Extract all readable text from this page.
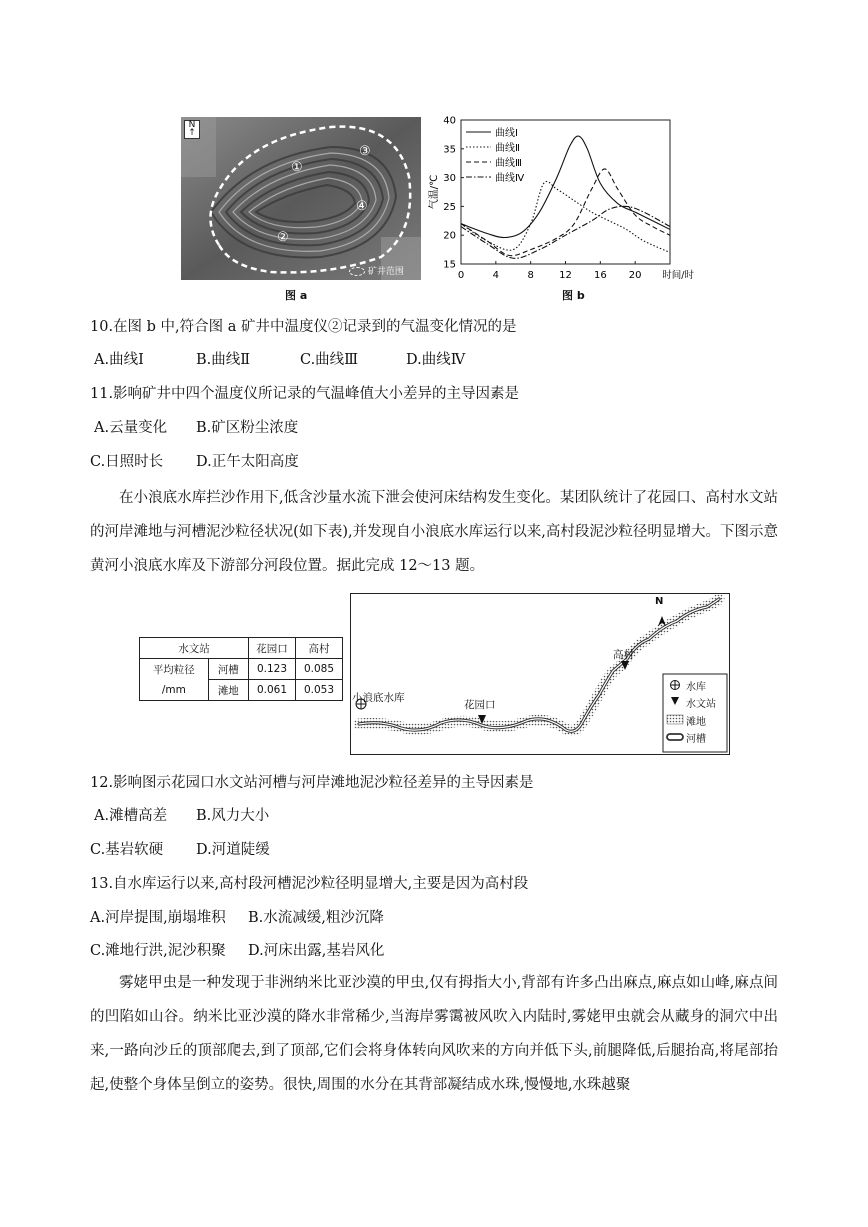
N
↑
①
②
③
④
矿井范围
图 a
15
20
25
30
35
40
0	4	8	12 16 20 时间/时
气温/℃
曲线Ⅰ
曲线Ⅱ
曲线Ⅲ
曲线Ⅳ
图 b
10.在图 b 中,符合图 a 矿井中温度仪②记录到的气温变化情况的是
A.曲线Ⅰ	B.曲线Ⅱ	C.曲线Ⅲ	D.曲线Ⅳ
11.影响矿井中四个温度仪所记录的气温峰值大小差异的主导因素是
A.云量变化 B.矿区粉尘浓度
C.日照时长 D.正午太阳高度
在小浪底水库拦沙作用下,低含沙量水流下泄会使河床结构发生变化。某团队统计了花园口、高村水文站的河岸滩地与河槽泥沙粒径状况(如下表),并发现自小浪底水库运行以来,高村段泥沙粒径明显增大。下图示意黄河小浪底水库及下游部分河段位置。据此完成 12～13 题。
水文站		花园口	高村
平均粒径
/mm	河槽	0.123	0.085
	滩地	0.061	0.053
N
小浪底水库
花园口
高村
水库
水文站
滩地
河槽
12.影响图示花园口水文站河槽与河岸滩地泥沙粒径差异的主导因素是
A.滩槽高差 B.风力大小
C.基岩软硬 D.河道陡缓
13.自水库运行以来,高村段河槽泥沙粒径明显增大,主要是因为高村段
A.河岸提围,崩塌堆积 B.水流减缓,粗沙沉降
C.滩地行洪,泥沙积聚 D.河床出露,基岩风化
雾姥甲虫是一种发现于非洲纳米比亚沙漠的甲虫,仅有拇指大小,背部有许多凸出麻点,麻点如山峰,麻点间的凹陷如山谷。纳米比亚沙漠的降水非常稀少,当海岸雾霭被风吹入内陆时,雾姥甲虫就会从藏身的洞穴中出来,一路向沙丘的顶部爬去,到了顶部,它们会将身体转向风吹来的方向并低下头,前腿降低,后腿抬高,将尾部抬起,使整个身体呈倒立的姿势。很快,周围的水分在其背部凝结成水珠,慢慢地,水珠越聚
